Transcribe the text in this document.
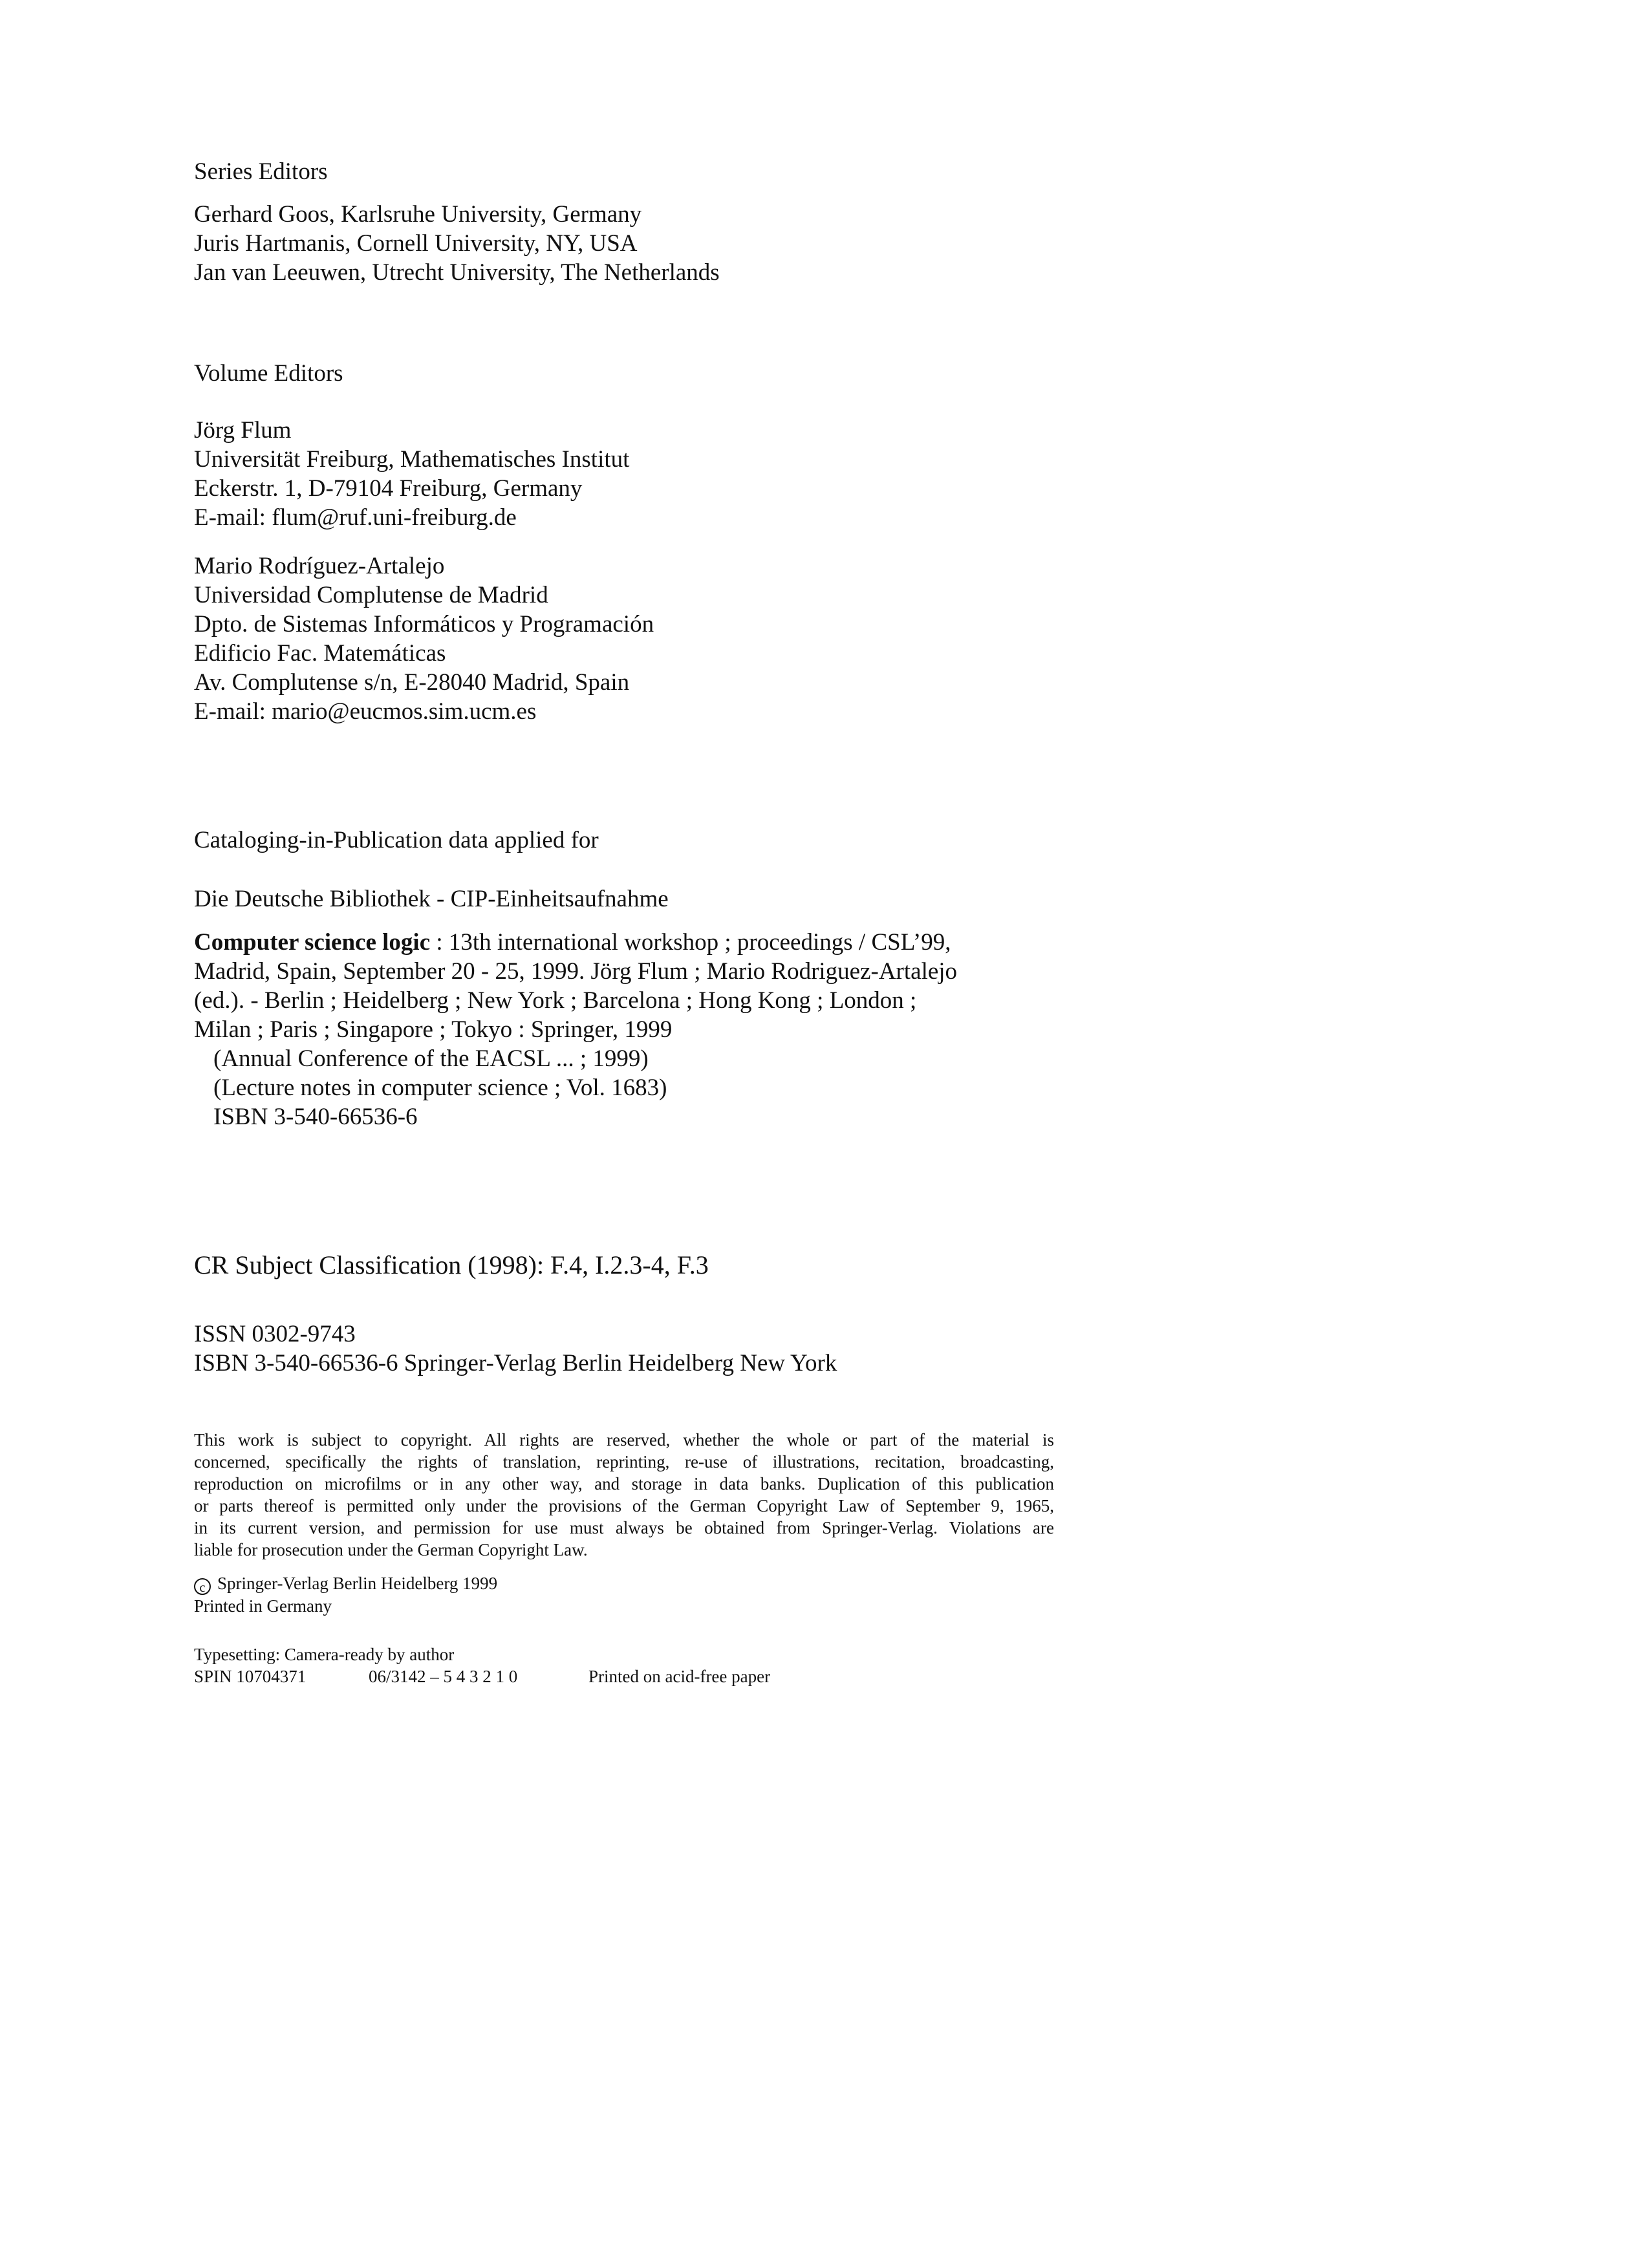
Series Editors
Gerhard Goos, Karlsruhe University, Germany
Juris Hartmanis, Cornell University, NY, USA
Jan van Leeuwen, Utrecht University, The Netherlands
Volume Editors
Jörg Flum
Universität Freiburg, Mathematisches Institut
Eckerstr. 1, D-79104 Freiburg, Germany
E-mail: flum@ruf.uni-freiburg.de
Mario Rodríguez-Artalejo
Universidad Complutense de Madrid
Dpto. de Sistemas Informáticos y Programación
Edificio Fac. Matemáticas
Av. Complutense s/n, E-28040 Madrid, Spain
E-mail: mario@eucmos.sim.ucm.es
Cataloging-in-Publication data applied for
Die Deutsche Bibliothek - CIP-Einheitsaufnahme
Computer science logic : 13th international workshop ; proceedings / CSL’99,
Madrid, Spain, September 20 - 25, 1999. Jörg Flum ; Mario Rodriguez-Artalejo
(ed.). - Berlin ; Heidelberg ; New York ; Barcelona ; Hong Kong ; London ;
Milan ; Paris ; Singapore ; Tokyo : Springer, 1999
(Annual Conference of the EACSL ... ; 1999)
(Lecture notes in computer science ; Vol. 1683)
ISBN 3-540-66536-6
CR Subject Classification (1998): F.4, I.2.3-4, F.3
ISSN 0302-9743
ISBN 3-540-66536-6 Springer-Verlag Berlin Heidelberg New York
This work is subject to copyright. All rights are reserved, whether the whole or part of the material is
concerned, specifically the rights of translation, reprinting, re-use of illustrations, recitation, broadcasting,
reproduction on microfilms or in any other way, and storage in data banks. Duplication of this publication
or parts thereof is permitted only under the provisions of the German Copyright Law of September 9, 1965,
in its current version, and permission for use must always be obtained from Springer-Verlag. Violations are
liable for prosecution under the German Copyright Law.
c Springer-Verlag Berlin Heidelberg 1999
Printed in Germany
Typesetting: Camera-ready by author
SPIN 10704371	06/3142 – 5 4 3 2 1 0	Printed on acid-free paper
